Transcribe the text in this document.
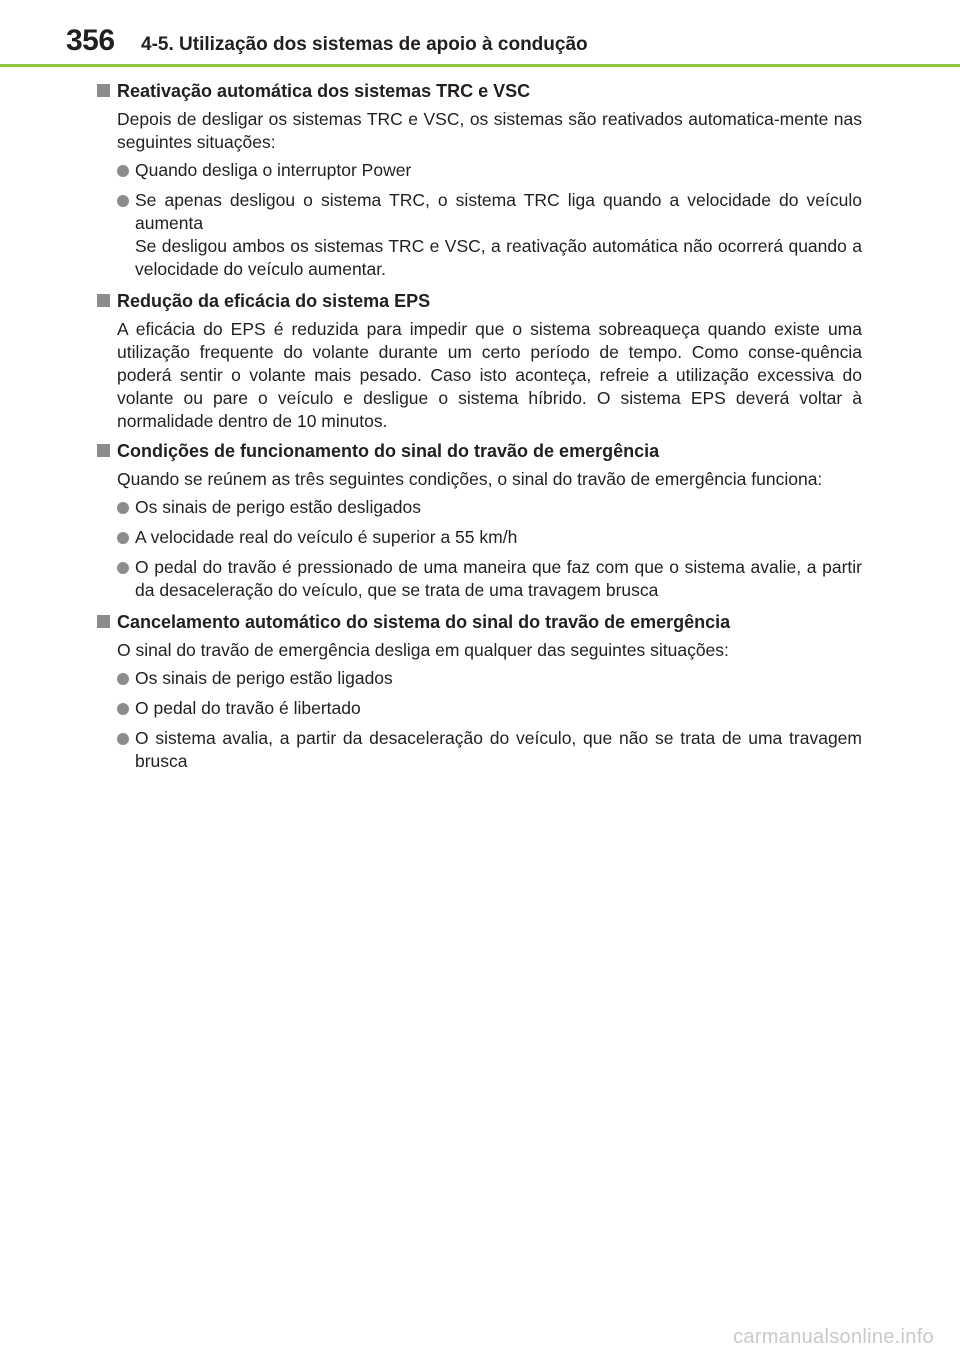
356 4-5. Utilização dos sistemas de apoio à condução
Reativação automática dos sistemas TRC e VSC
Depois de desligar os sistemas TRC e VSC, os sistemas são reativados automatica-mente nas seguintes situações:
Quando desliga o interruptor Power
Se apenas desligou o sistema TRC, o sistema TRC liga quando a velocidade do veículo aumenta
Se desligou ambos os sistemas TRC e VSC, a reativação automática não ocorrerá quando a velocidade do veículo aumentar.
Redução da eficácia do sistema EPS
A eficácia do EPS é reduzida para impedir que o sistema sobreaqueça quando existe uma utilização frequente do volante durante um certo período de tempo. Como conse-quência poderá sentir o volante mais pesado. Caso isto aconteça, refreie a utilização excessiva do volante ou pare o veículo e desligue o sistema híbrido. O sistema EPS deverá voltar à normalidade dentro de 10 minutos.
Condições de funcionamento do sinal do travão de emergência
Quando se reúnem as três seguintes condições, o sinal do travão de emergência funciona:
Os sinais de perigo estão desligados
A velocidade real do veículo é superior a 55 km/h
O pedal do travão é pressionado de uma maneira que faz com que o sistema avalie, a partir da desaceleração do veículo, que se trata de uma travagem brusca
Cancelamento automático do sistema do sinal do travão de emergência
O sinal do travão de emergência desliga em qualquer das seguintes situações:
Os sinais de perigo estão ligados
O pedal do travão é libertado
O sistema avalia, a partir da desaceleração do veículo, que não se trata de uma travagem brusca
carmanualsonline.info
